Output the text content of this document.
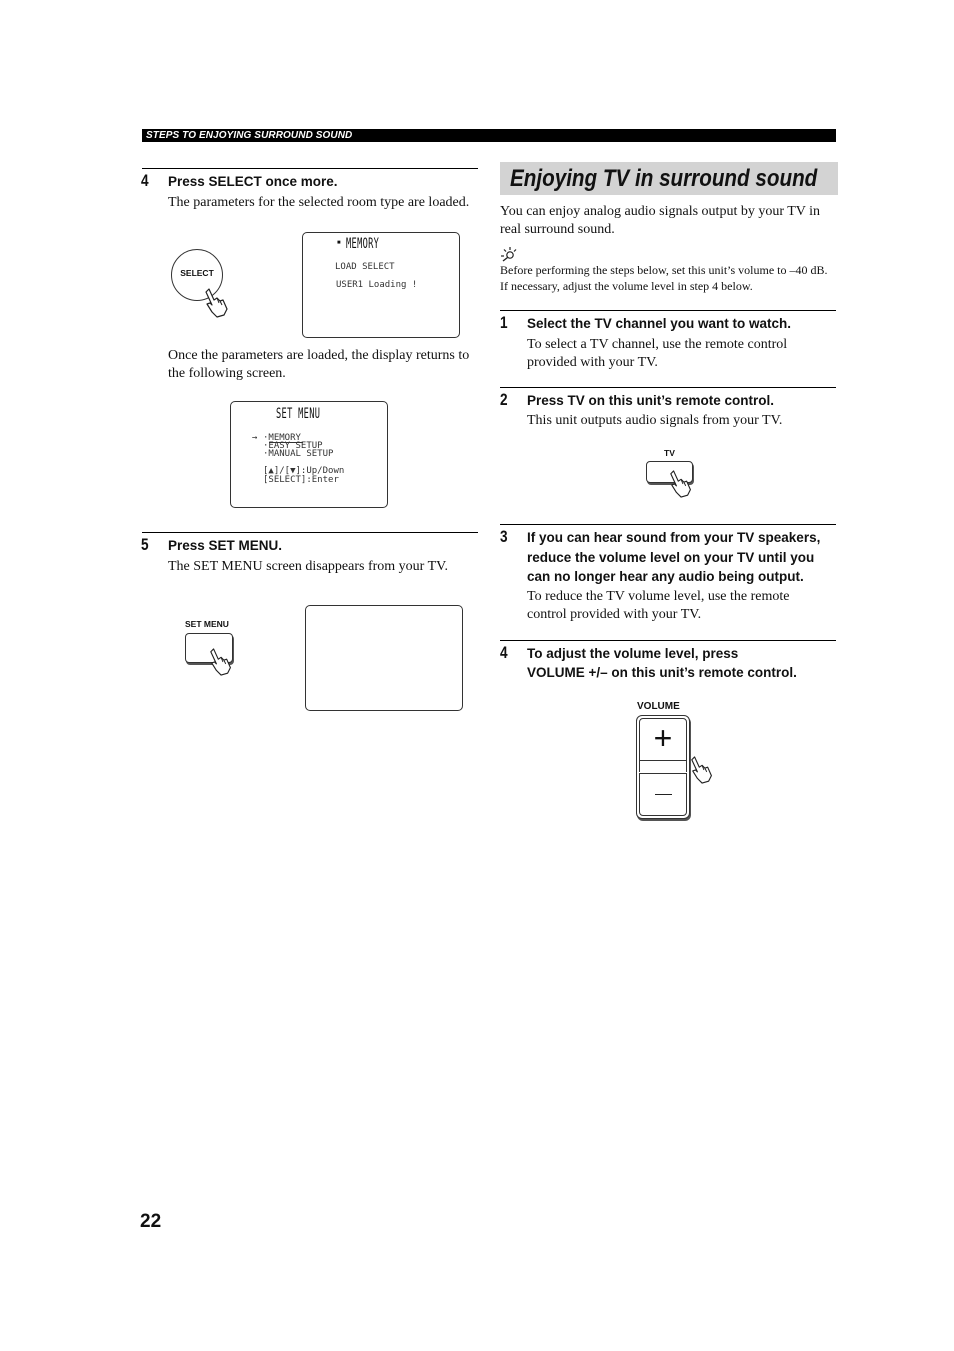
STEPS TO ENJOYING SURROUND SOUND
4 Press SELECT once more.
The parameters for the selected room type are loaded.
SELECT
■ MEMORY
LOAD SELECT
USER1 Loading !
Once the parameters are loaded, the display returns to the following screen.
SET MENU
→ ·MEMORY
·EASY SETUP
·MANUAL SETUP
[▲]/[▼]:Up/Down
[SELECT]:Enter
5 Press SET MENU.
The SET MENU screen disappears from your TV.
SET MENU
Enjoying TV in surround sound
You can enjoy analog audio signals output by your TV in real surround sound.
Before performing the steps below, set this unit’s volume to –40 dB. If necessary, adjust the volume level in step 4 below.
1 Select the TV channel you want to watch.
To select a TV channel, use the remote control provided with your TV.
2 Press TV on this unit’s remote control.
This unit outputs audio signals from your TV.
TV
3 If you can hear sound from your TV speakers, reduce the volume level on your TV until you can no longer hear any audio being output.
To reduce the TV volume level, use the remote control provided with your TV.
4 To adjust the volume level, press
VOLUME +/– on this unit’s remote control.
VOLUME
+
22
